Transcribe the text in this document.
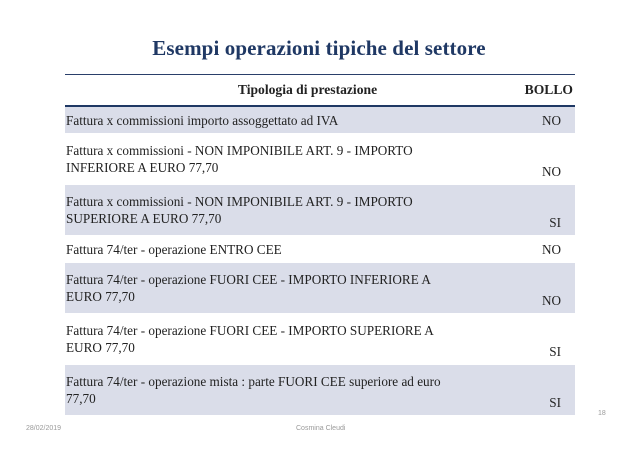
Esempi operazioni tipiche del settore
Tipologia di prestazione	BOLLO
Fattura x commissioni importo assoggettato ad IVA	NO
Fattura x commissioni - NON IMPONIBILE ART. 9 - IMPORTO
INFERIORE A EURO 77,70	NO
Fattura x commissioni - NON IMPONIBILE ART. 9 - IMPORTO
SUPERIORE A EURO 77,70	SI
Fattura 74/ter - operazione ENTRO CEE	NO
Fattura 74/ter - operazione FUORI CEE - IMPORTO INFERIORE A
EURO 77,70	NO
Fattura 74/ter - operazione FUORI CEE - IMPORTO SUPERIORE A
EURO 77,70	SI
Fattura 74/ter - operazione mista : parte FUORI CEE superiore ad euro
77,70	SI
28/02/2019	Cosmina Cleudi
18
